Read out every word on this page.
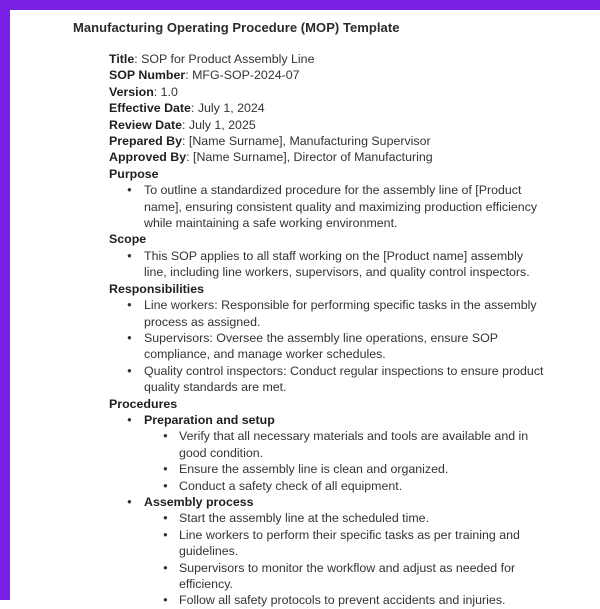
Manufacturing Operating Procedure (MOP) Template

Title: SOP for Product Assembly Line

SOP Number: MFG-SOP-2024-07

Version: 1.0

Effective Date: July 1, 2024

Review Date: July 1, 2025

Prepared By: [Name Surname], Manufacturing Supervisor

Approved By: [Name Surname], Director of Manufacturing

Purpose

● To outline a standardized procedure for the assembly line of [Product name], ensuring consistent quality and maximizing production efficiency while maintaining a safe working environment.

Scope

● This SOP applies to all staff working on the [Product name] assembly line, including line workers, supervisors, and quality control inspectors.

Responsibilities

● Line workers: Responsible for performing specific tasks in the assembly process as assigned.
● Supervisors: Oversee the assembly line operations, ensure SOP compliance, and manage worker schedules.
● Quality control inspectors: Conduct regular inspections to ensure product quality standards are met.

Procedures

● Preparation and setup
● Verify that all necessary materials and tools are available and in good condition.
● Ensure the assembly line is clean and organized.
● Conduct a safety check of all equipment.
● Assembly process
● Start the assembly line at the scheduled time.
● Line workers to perform their specific tasks as per training and guidelines.
● Supervisors to monitor the workflow and adjust as needed for efficiency.
● Follow all safety protocols to prevent accidents and injuries.
